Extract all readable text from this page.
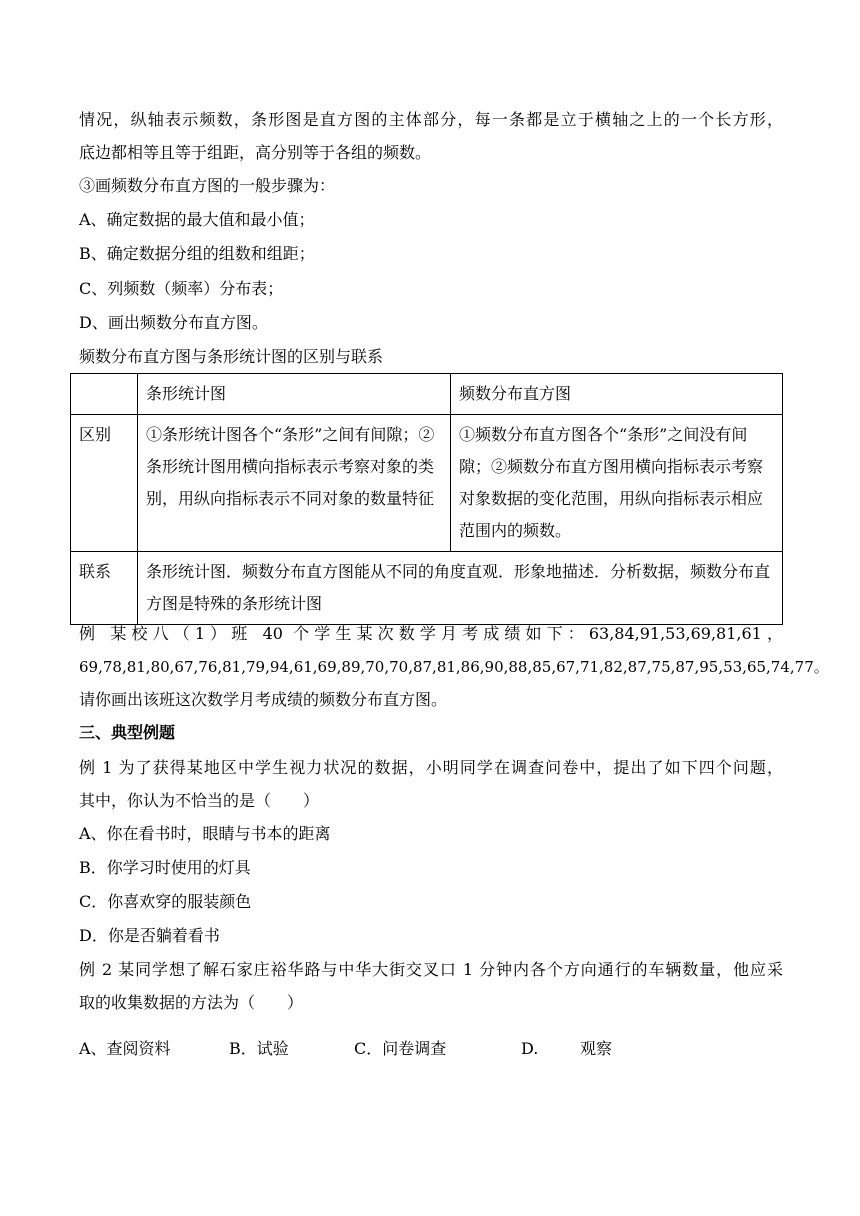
情况，纵轴表示频数，条形图是直方图的主体部分，每一条都是立于横轴之上的一个长方形，
底边都相等且等于组距，高分别等于各组的频数。
③画频数分布直方图的一般步骤为：
A、确定数据的最大值和最小值；
B、确定数据分组的组数和组距；
C、列频数（频率）分布表；
D、画出频数分布直方图。
频数分布直方图与条形统计图的区别与联系
	条形统计图	频数分布直方图
区别	①条形统计图各个“条形”之间有间隙；②条形统计图用横向指标表示考察对象的类别，用纵向指标表示不同对象的数量特征	①频数分布直方图各个“条形”之间没有间隙；②频数分布直方图用横向指标表示考察对象数据的变化范围，用纵向指标表示相应范围内的频数。
联系	条形统计图．频数分布直方图能从不同的角度直观．形象地描述．分析数据，频数分布直方图是特殊的条形统计图	
例 某校八（1）班 40 个学生某次数学月考成绩如下：63,84,91,53,69,81,61，
69,78,81,80,67,76,81,79,94,61,69,89,70,70,87,81,86,90,88,85,67,71,82,87,75,87,95,53,65,74,77。
请你画出该班这次数学月考成绩的频数分布直方图。
三、典型例题
例 1 为了获得某地区中学生视力状况的数据，小明同学在调查问卷中，提出了如下四个问题，
其中，你认为不恰当的是（　　）
A、你在看书时，眼睛与书本的距离
B．你学习时使用的灯具
C．你喜欢穿的服装颜色
D．你是否躺着看书
例 2 某同学想了解石家庄裕华路与中华大街交叉口 1 分钟内各个方向通行的车辆数量，他应采
取的收集数据的方法为（　　）
A、查阅资料	B．试验	C．问卷调查	D.	观察
